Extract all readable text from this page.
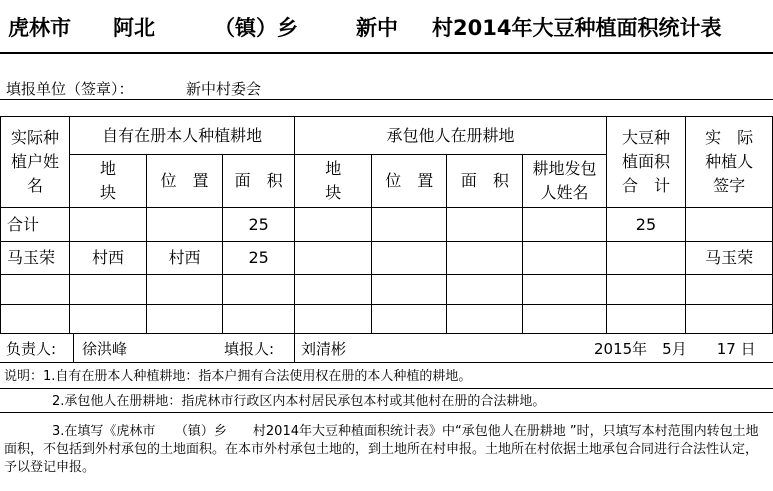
虎林市 阿北	（镇）乡	新中 村2014年大豆种植面积统计表
填报单位（签章）：	新中村委会
实际种植户姓名	自有在册本人种植耕地			承包他人在册耕地				大豆种植面积合　计	实　际种植人签字
	地　块	位　置	面　积	地　块	位　置	面　积	耕地发包人姓名		
合计			25					25	
马玉荣	村西	村西	25						马玉荣

负责人: 徐洪峰	填报人: 刘清彬	2015年　5月　　17 日
说明：1.自有在册本人种植耕地：指本户拥有合法使用权在册的本人种植的耕地。
2.承包他人在册耕地：指虎林市行政区内本村居民承包本村或其他村在册的合法耕地。
3.在填写《虎林市　　（镇）乡　　村2014年大豆种植面积统计表》中“承包他人在册耕地 ”时，只填写本村范围内转包土地面积，不包括到外村承包的土地面积。在本市外村承包土地的，到土地所在村申报。土地所在村依据土地承包合同进行合法性认定，予以登记申报。
